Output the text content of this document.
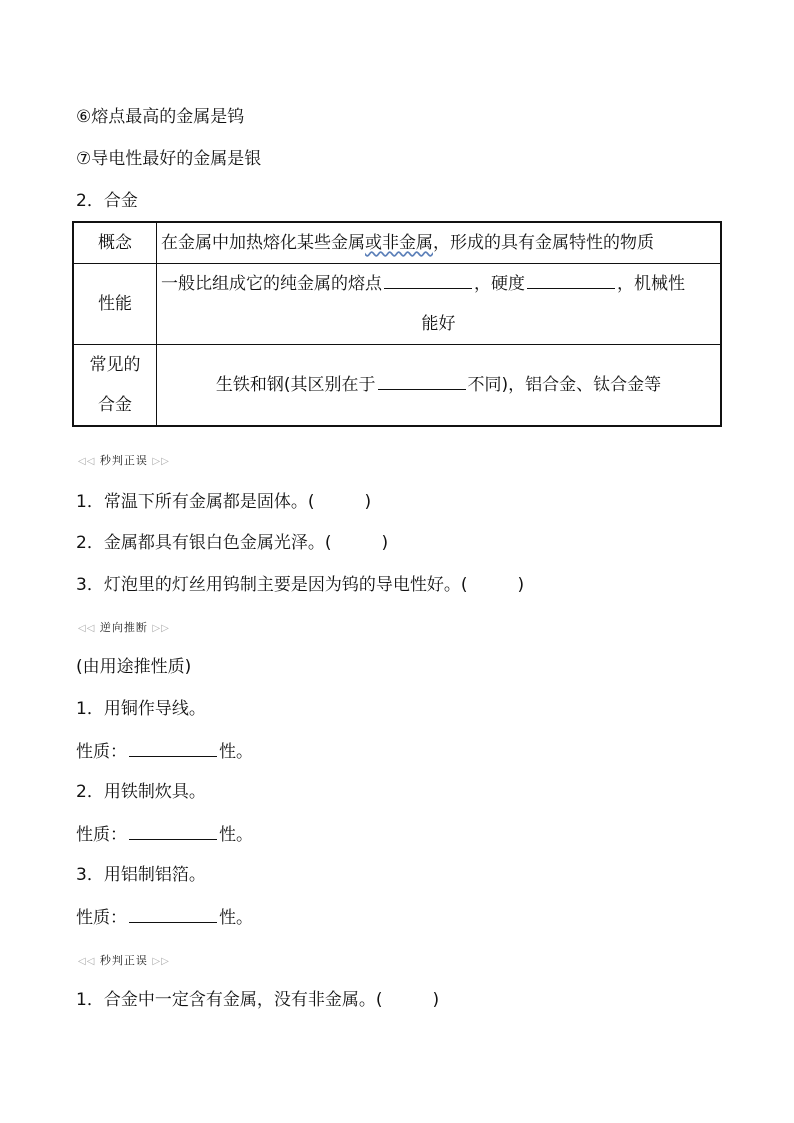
⑥熔点最高的金属是钨
⑦导电性最好的金属是银
2．合金
概念	在金属中加热熔化某些金属或非金属，形成的具有金属特性的物质
性能	一般比组成它的纯金属的熔点 ，硬度 ，机械性
能好

常见的
合金	生铁和钢(其区别在于 不同)，铝合金、钛合金等
◁◁ 秒判正误 ▷▷
1．常温下所有金属都是固体。(	)
2．金属都具有银白色金属光泽。(	)
3．灯泡里的灯丝用钨制主要是因为钨的导电性好。(	)
◁◁ 逆向推断 ▷▷
(由用途推性质)
1．用铜作导线。
性质：	性。
2．用铁制炊具。
性质：	性。
3．用铝制铝箔。
性质：	性。
◁◁ 秒判正误 ▷▷
1．合金中一定含有金属，没有非金属。(	)
